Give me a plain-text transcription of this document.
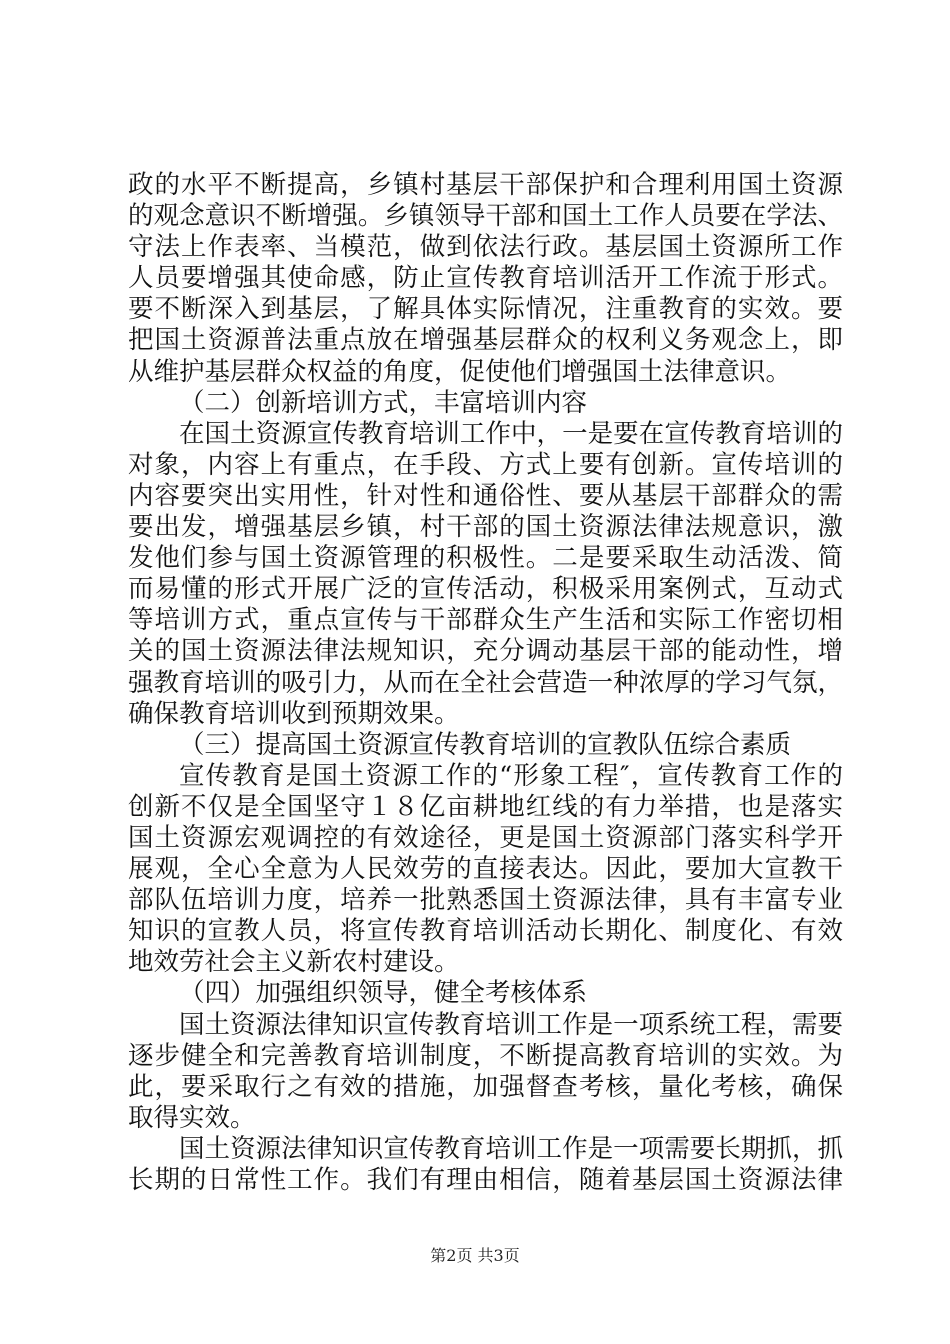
政的水平不断提高，乡镇村基层干部保护和合理利用国土资源
的观念意识不断增强。乡镇领导干部和国土工作人员要在学法、
守法上作表率、当模范，做到依法行政。基层国土资源所工作
人员要增强其使命感，防止宣传教育培训活开工作流于形式。
要不断深入到基层，了解具体实际情况，注重教育的实效。要
把国土资源普法重点放在增强基层群众的权利义务观念上，即
从维护基层群众权益的角度，促使他们增强国土法律意识。
（二）创新培训方式，丰富培训内容
在国土资源宣传教育培训工作中，一是要在宣传教育培训的
对象，内容上有重点，在手段、方式上要有创新。宣传培训的
内容要突出实用性，针对性和通俗性、要从基层干部群众的需
要出发，增强基层乡镇，村干部的国土资源法律法规意识，激
发他们参与国土资源管理的积极性。二是要采取生动活泼、简
而易懂的形式开展广泛的宣传活动，积极采用案例式，互动式
等培训方式，重点宣传与干部群众生产生活和实际工作密切相
关的国土资源法律法规知识，充分调动基层干部的能动性，增
强教育培训的吸引力，从而在全社会营造一种浓厚的学习气氛，
确保教育培训收到预期效果。
（三）提高国土资源宣传教育培训的宣教队伍综合素质
宣传教育是国土资源工作的“形象工程″，宣传教育工作的
创新不仅是全国坚守１８亿亩耕地红线的有力举措，也是落实
国土资源宏观调控的有效途径，更是国土资源部门落实科学开
展观，全心全意为人民效劳的直接表达。因此，要加大宣教干
部队伍培训力度，培养一批熟悉国土资源法律，具有丰富专业
知识的宣教人员，将宣传教育培训活动长期化、制度化、有效
地效劳社会主义新农村建设。
（四）加强组织领导，健全考核体系
国土资源法律知识宣传教育培训工作是一项系统工程，需要
逐步健全和完善教育培训制度，不断提高教育培训的实效。为
此，要采取行之有效的措施，加强督查考核，量化考核，确保
取得实效。
国土资源法律知识宣传教育培训工作是一项需要长期抓，抓
长期的日常性工作。我们有理由相信，随着基层国土资源法律
第2页 共3页
